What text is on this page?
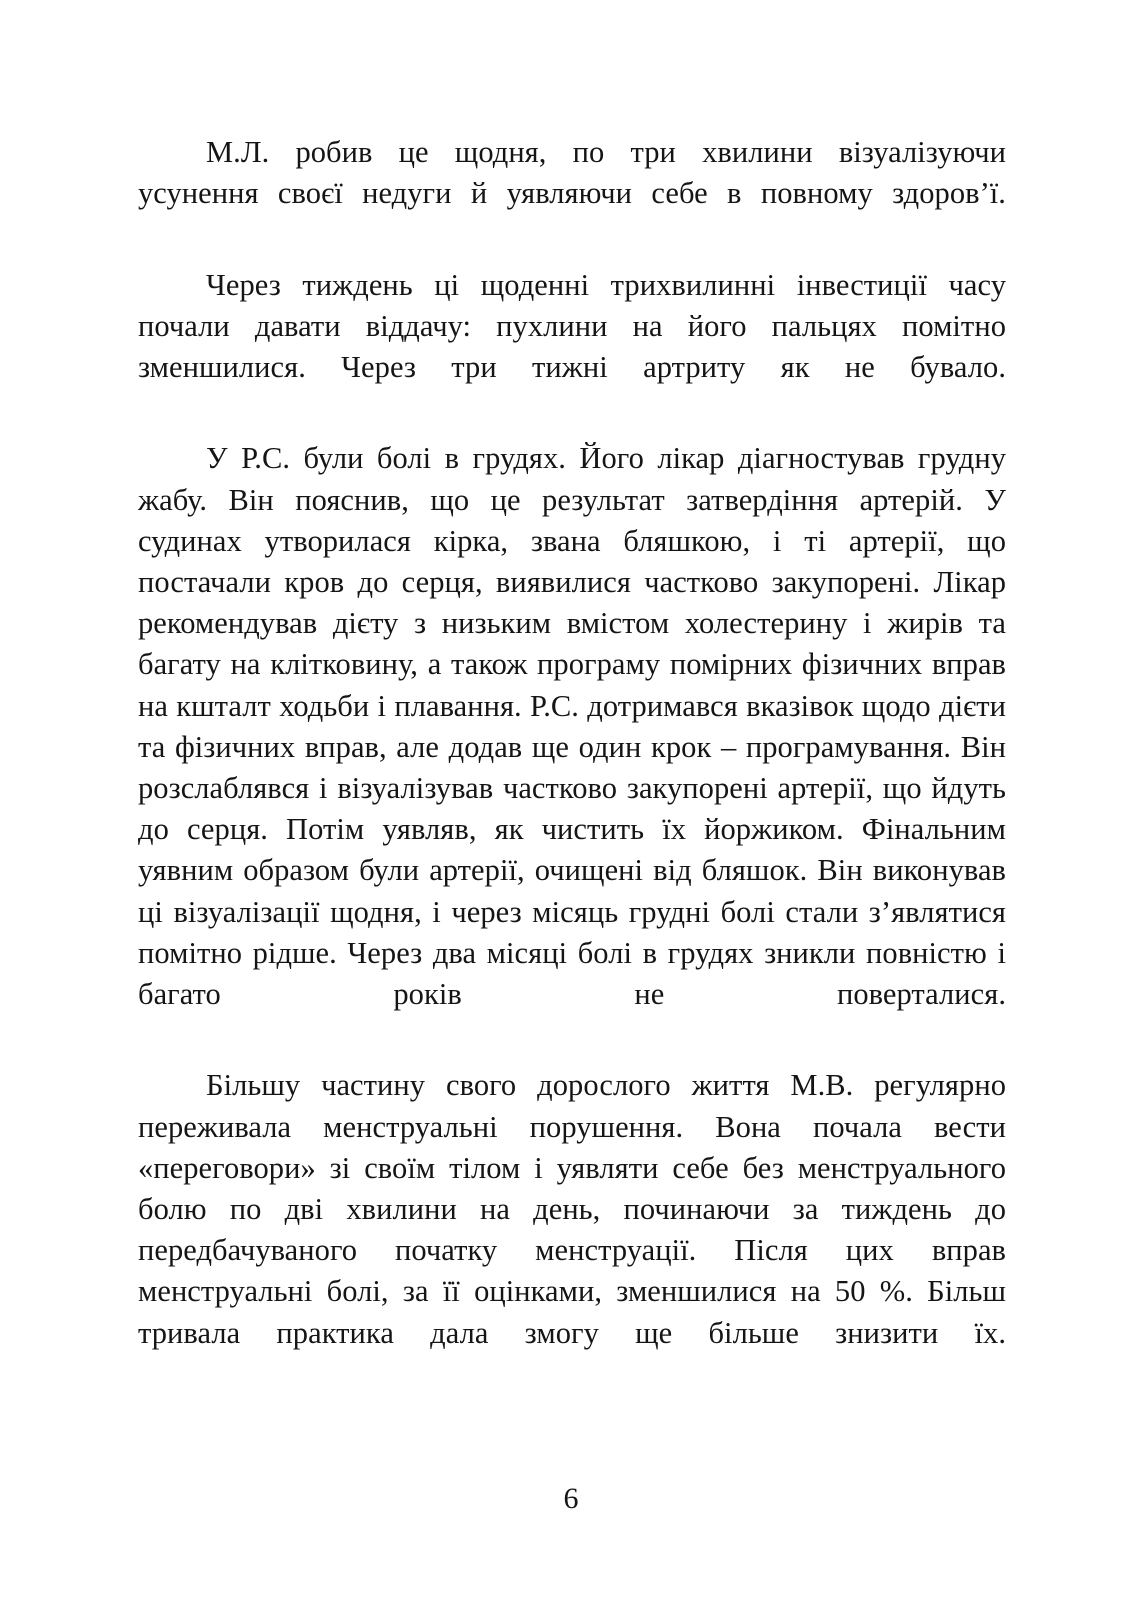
М.Л. робив це щодня, по три хвилини візуалізуючи усунення своєї недуги й уявляючи себе в повному здоров’ї.

Через тиждень ці щоденні трихвилинні інвестиції часу почали давати віддачу: пухлини на його пальцях помітно зменшилися. Через три тижні артриту як не бувало.

У Р.С. були болі в грудях. Його лікар діагностував грудну жабу. Він пояснив, що це результат затвердіння артерій. У судинах утворилася кірка, звана бляшкою, і ті артерії, що постачали кров до серця, виявилися частково закупорені. Лікар рекомендував дієту з низьким вмістом холестерину і жирів та багату на клітковину, а також програму помірних фізичних вправ на кшталт ходьби і плавання. Р.С. дотримався вказівок щодо дієти та фізичних вправ, але додав ще один крок – програмування. Він розслаблявся і візуалізував частково закупорені артерії, що йдуть до серця. Потім уявляв, як чистить їх йоржиком. Фінальним уявним образом були артерії, очищені від бляшок. Він виконував ці візуалізації щодня, і через місяць грудні болі стали з’являтися помітно рідше. Через два місяці болі в грудях зникли повністю і багато років не поверталися.

Більшу частину свого дорослого життя М.В. регулярно переживала менструальні порушення. Вона почала вести «переговори» зі своїм тілом і уявляти себе без менструального болю по дві хвилини на день, починаючи за тиждень до передбачуваного початку менструації. Після цих вправ менструальні болі, за її оцінками, зменшилися на 50 %. Більш тривала практика дала змогу ще більше знизити їх.

6
